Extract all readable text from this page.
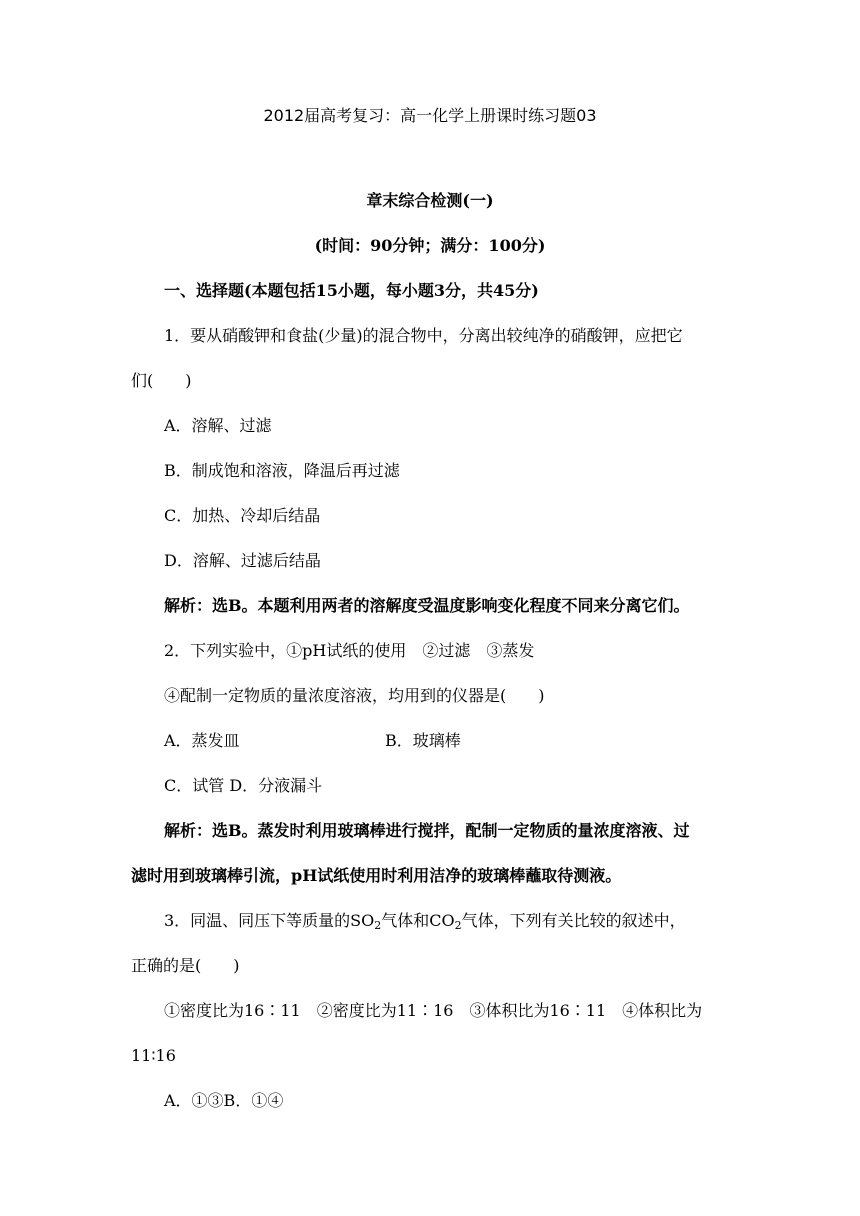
2012届高考复习：高一化学上册课时练习题03
章末综合检测(一)
(时间：90分钟；满分：100分)
一、选择题(本题包括15小题，每小题3分，共45分)
1．要从硝酸钾和食盐(少量)的混合物中，分离出较纯净的硝酸钾，应把它
们(　　)
A．溶解、过滤
B．制成饱和溶液，降温后再过滤
C．加热、冷却后结晶
D．溶解、过滤后结晶
解析：选B。本题利用两者的溶解度受温度影响变化程度不同来分离它们。
2．下列实验中，①pH试纸的使用　②过滤　③蒸发
④配制一定物质的量浓度溶液，均用到的仪器是(　　)
A．蒸发皿	B．玻璃棒
C．试管 D．分液漏斗
解析：选B。蒸发时利用玻璃棒进行搅拌，配制一定物质的量浓度溶液、过
滤时用到玻璃棒引流，pH试纸使用时利用洁净的玻璃棒蘸取待测液。
3．同温、同压下等质量的$SO_2$气体和$CO_2$气体，下列有关比较的叙述中，
正确的是(　　)
①密度比为16∶11　②密度比为11∶16　③体积比为16∶11　④体积比为
11∶16
A．①③B．①④
